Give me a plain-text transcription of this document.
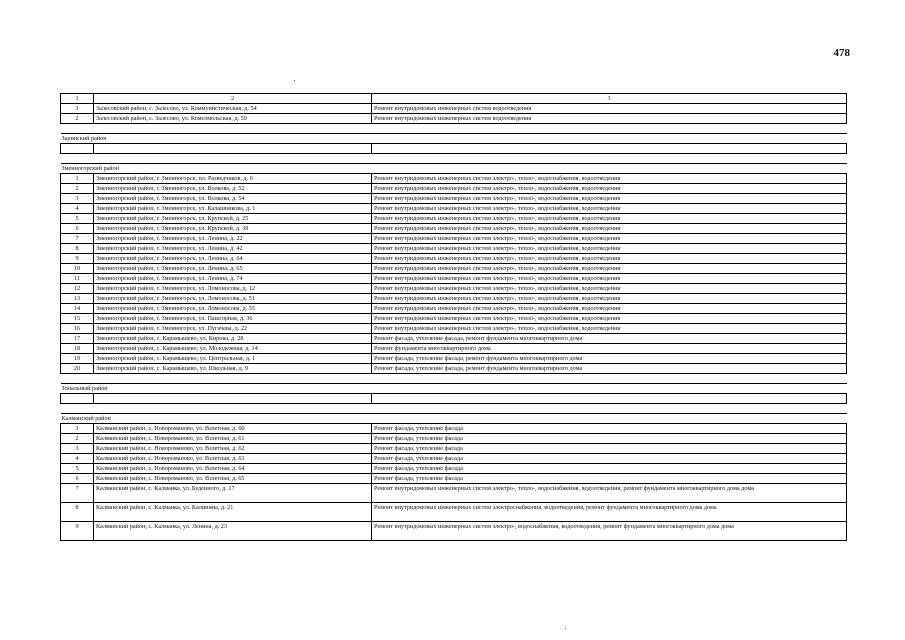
478
1	2	3
1	Залесовский район, с. Залесово, ул. Коммунистическая, д. 54	Ремонт внутридомовых инженерных систем водоотведения
2	Залесовский район, с. Залесово, ул. Комсомольская, д. 59	Ремонт внутридомовых инженерных систем водоотведения

Заринский район		

Змеиногорский район		
1	Змеиногорский район, г. Змеиногорск, пл. Разведчиков, д. 6	Ремонт внутридомовых инженерных систем электро-, тепло-, водоснабжения, водоотведения
2	Змеиногорский район, г. Змеиногорск, ул. Волкова, д. 52	Ремонт внутридомовых инженерных систем электро-, тепло-, водоснабжения, водоотведения
3	Змеиногорский район, г. Змеиногорск, ул. Волкова, д. 54	Ремонт внутридомовых инженерных систем электро-, тепло-, водоснабжения, водоотведения
4	Змеиногорский район, г. Змеиногорск, ул. Калашникова, д. 1	Ремонт внутридомовых инженерных систем электро-, тепло-, водоснабжения, водоотведения
5	Змеиногорский район, г. Змеиногорск, ул. Крупской, д. 25	Ремонт внутридомовых инженерных систем электро-, тепло-, водоснабжения, водоотведения
6	Змеиногорский район, г. Змеиногорск, ул. Крупской, д. 39	Ремонт внутридомовых инженерных систем электро-, тепло-, водоснабжения, водоотведения
7	Змеиногорский район, г. Змеиногорск, ул. Ленина, д. 22	Ремонт внутридомовых инженерных систем электро-, тепло-, водоснабжения, водоотведения
8	Змеиногорский район, г. Змеиногорск, ул. Ленина, д. 42	Ремонт внутридомовых инженерных систем электро-, тепло-, водоснабжения, водоотведения
9	Змеиногорский район, г. Змеиногорск, ул. Ленина, д. 64	Ремонт внутридомовых инженерных систем электро-, тепло-, водоснабжения, водоотведения
10	Змеиногорский район, г. Змеиногорск, ул. Ленина, д. 65	Ремонт внутридомовых инженерных систем электро-, тепло-, водоснабжения, водоотведения
11	Змеиногорский район, г. Змеиногорск, ул. Ленина, д. 74	Ремонт внутридомовых инженерных систем электро-, тепло-, водоснабжения, водоотведения
12	Змеиногорский район, г. Змеиногорск, ул. Ломоносова, д. 12	Ремонт внутридомовых инженерных систем электро-, тепло-, водоснабжения, водоотведения
13	Змеиногорский район, г. Змеиногорск, ул. Ломоносова, д. 51	Ремонт внутридомовых инженерных систем электро-, тепло-, водоснабжения, водоотведения
14	Змеиногорский район, г. Змеиногорск, ул. Ломоносова, д. 55	Ремонт внутридомовых инженерных систем электро-, тепло-, водоснабжения, водоотведения
15	Змеиногорский район, г. Змеиногорск, ул. Пашгорная, д. 36	Ремонт внутридомовых инженерных систем электро-, тепло-, водоснабжения, водоотведения
16	Змеиногорский район, г. Змеиногорск, ул. Пугачева, д. 22	Ремонт внутридомовых инженерных систем электро-, тепло-, водоснабжения, водоотведения
17	Змеиногорский район, с. Карамышево, ул. Кирова, д. 28	Ремонт фасада, утепление фасада, ремонт фундамента многоквартирного дома
18	Змеиногорский район, с. Карамышево, ул. Молодежная, д. 14	Ремонт фундамента многоквартирного дома
19	Змеиногорский район, с. Карамышево, ул. Центральная, д. 1	Ремонт фасада, утепление фасада, ремонт фундамента многоквартирного дома
20	Змеиногорский район, с. Карамышево, ул. Школьная, д. 9	Ремонт фасада, утепление фасада, ремонт фундамента многоквартирного дома

Зональный район		

Калманский район		
1	Калманский район, с. Новороманово, ул. Взлетная, д. 60	Ремонт фасада, утепление фасада
2	Калманский район, с. Новороманово, ул. Взлетная, д. 61	Ремонт фасада, утепление фасада
3	Калманский район, с. Новороманово, ул. Взлетная, д. 62	Ремонт фасада, утепление фасада
4	Калманский район, с. Новороманово, ул. Взлетная, д. 63	Ремонт фасада, утепление фасада
5	Калманский район, с. Новороманово, ул. Взлетная, д. 64	Ремонт фасада, утепление фасада
6	Калманский район, с. Новороманово, ул. Взлетная, д. 65	Ремонт фасада, утепление фасада
7	Калманский район, с. Калманка, ул. Буденного, д. 17	Ремонт внутридомовых инженерных систем электро-, тепло-, водоснабжения, водоотведения, ремонт фундамента многоквартирного дома дома
8	Калманский район, с. Калманка, ул. Калинина, д. 21	Ремонт внутридомовых инженерных систем электроснабжения, водоотведения, ремонт фундамента многоквартирного дома дома
9	Калманский район, с. Калманка, ул. Ленина, д. 23	Ремонт внутридомовых инженерных систем электро-, водоснабжения, водоотведения, ремонт фундамента многоквартирного дома дома
